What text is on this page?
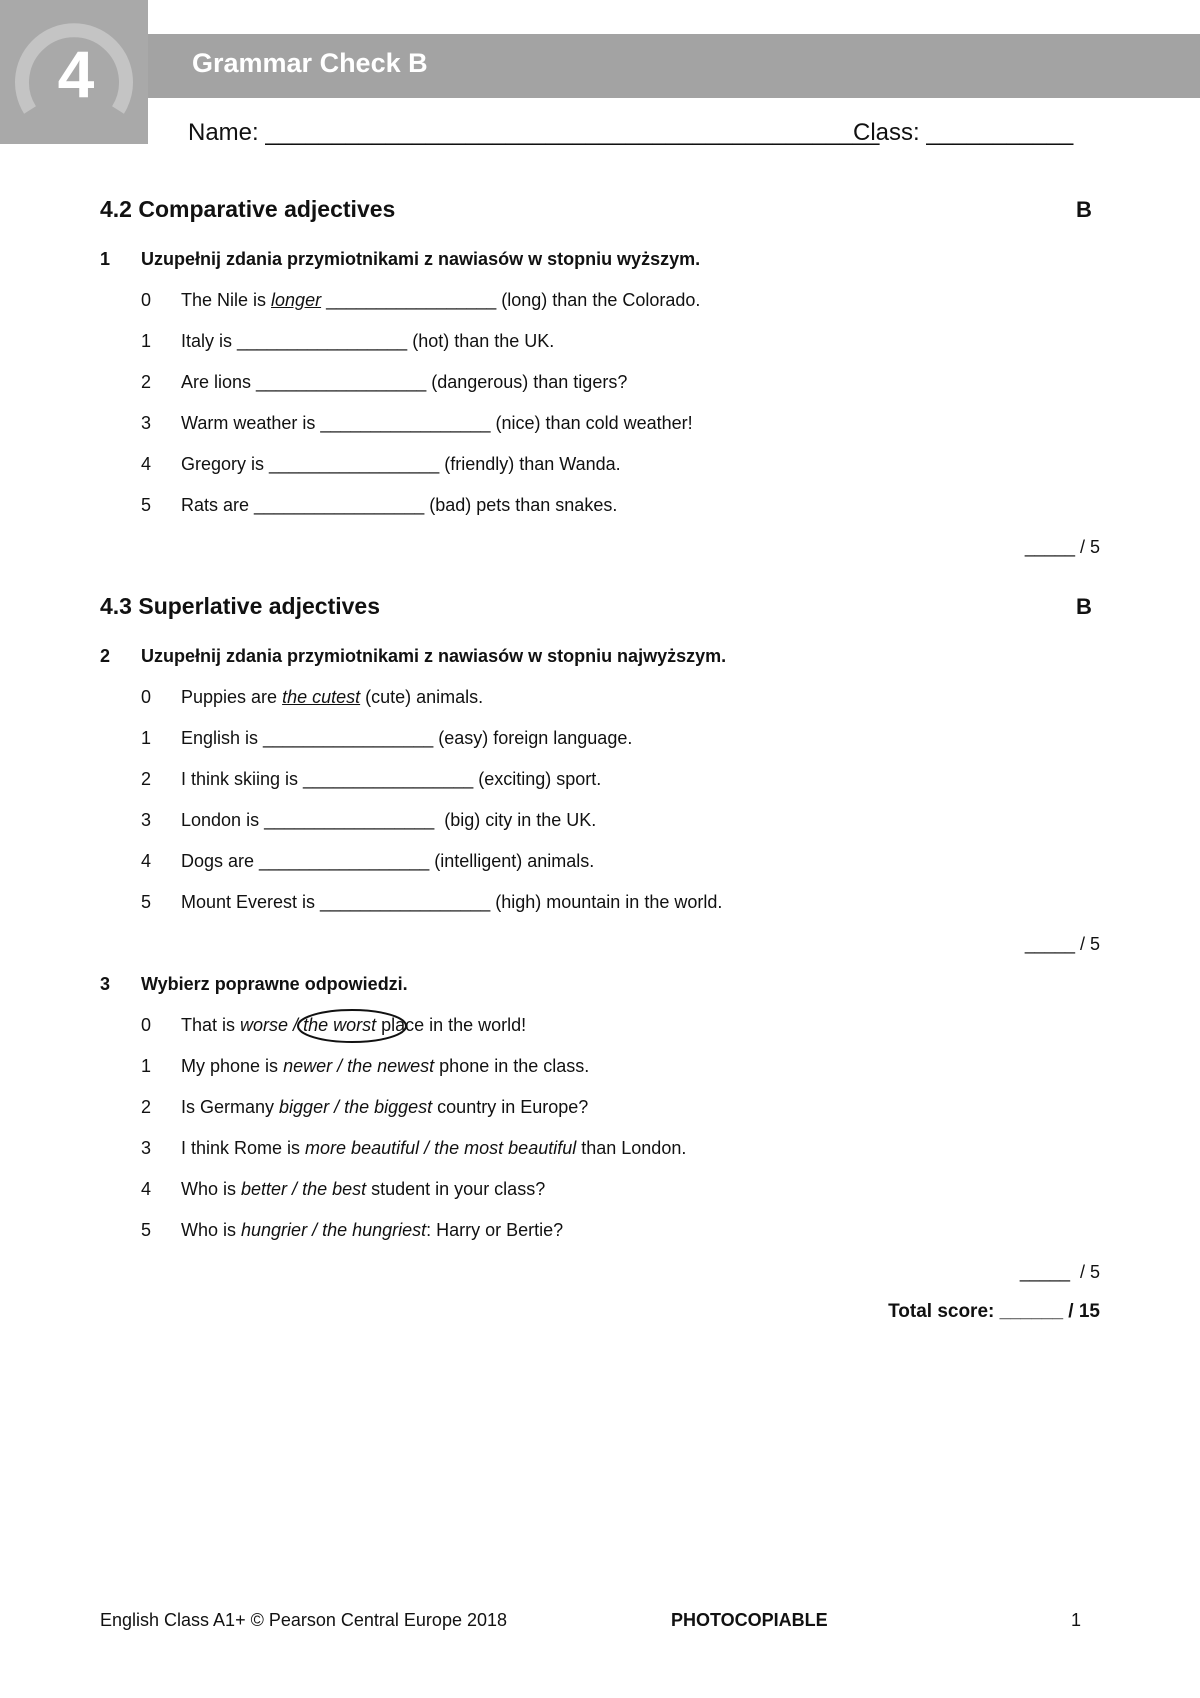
4	Grammar Check B
Name: ______________________________________________
Class: ___________
4.2 Comparative adjectives	B
1 Uzupełnij zdania przymiotnikami z nawiasów w stopniu wyższym.
0 The Nile is longer _________________ (long) than the Colorado.
1 Italy is _________________ (hot) than the UK.
2 Are lions _________________ (dangerous) than tigers?
3 Warm weather is _________________ (nice) than cold weather!
4 Gregory is _________________ (friendly) than Wanda.
5 Rats are _________________ (bad) pets than snakes.
_____ / 5
4.3 Superlative adjectives	B
2 Uzupełnij zdania przymiotnikami z nawiasów w stopniu najwyższym.
0 Puppies are the cutest (cute) animals.
1 English is _________________ (easy) foreign language.
2 I think skiing is _________________ (exciting) sport.
3 London is _________________  (big) city in the UK.
4 Dogs are _________________ (intelligent) animals.
5 Mount Everest is _________________ (high) mountain in the world.
_____ / 5
3 Wybierz poprawne odpowiedzi.
0 That is worse / the worst
place in the world!
1 My phone is newer / the newest phone in the class.
2 Is Germany bigger / the biggest country in Europe?
3 I think Rome is more beautiful / the most beautiful than London.
4 Who is better / the best student in your class?
5 Who is hungrier / the hungriest: Harry or Bertie?
_____  / 5
Total score: ______ / 15
English Class A1+ © Pearson Central Europe 2018	PHOTOCOPIABLE	1
